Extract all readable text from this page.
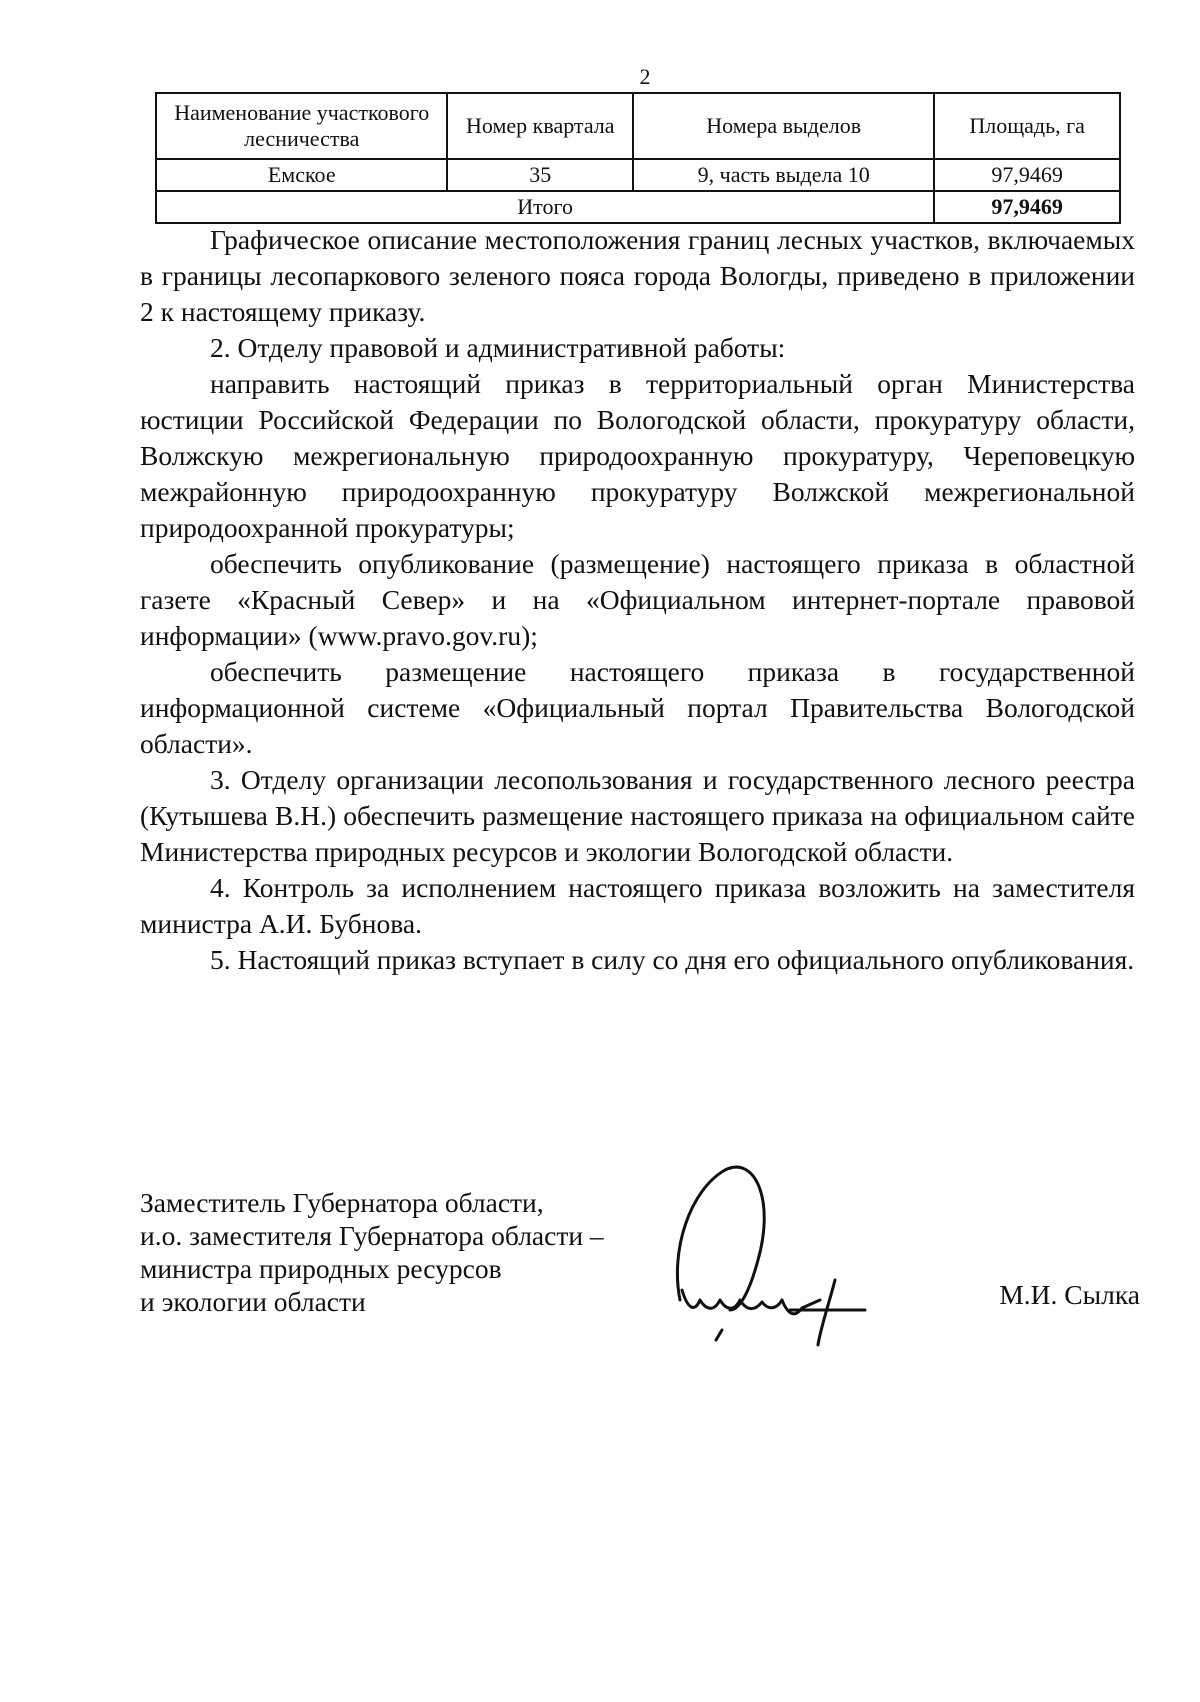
2
Наименование участкового лесничества	Номер квартала	Номера выделов	Площадь, га
Емское	35	9, часть выдела 10	97,9469
Итого			97,9469

Графическое описание местоположения границ лесных участков, включаемых в границы лесопаркового зеленого пояса города Вологды, приведено в приложении 2 к настоящему приказу.

2. Отделу правовой и административной работы:

направить настоящий приказ в территориальный орган Министерства юстиции Российской Федерации по Вологодской области, прокуратуру области, Волжскую межрегиональную природоохранную прокуратуру, Череповецкую межрайонную природоохранную прокуратуру Волжской межрегиональной природоохранной прокуратуры;

обеспечить опубликование (размещение) настоящего приказа в областной газете «Красный Север» и на «Официальном интернет-портале правовой информации» (www.pravo.gov.ru);

обеспечить размещение настоящего приказа в государственной информационной системе «Официальный портал Правительства Вологодской области».

3. Отделу организации лесопользования и государственного лесного реестра (Кутышева В.Н.) обеспечить размещение настоящего приказа на официальном сайте Министерства природных ресурсов и экологии Вологодской области.

4. Контроль за исполнением настоящего приказа возложить на заместителя министра А.И. Бубнова.

5. Настоящий приказ вступает в силу со дня его официального опубликования.

Заместитель Губернатора области,
и.о. заместителя Губернатора области –
министра природных ресурсов
и экологии области	М.И. Сылка
